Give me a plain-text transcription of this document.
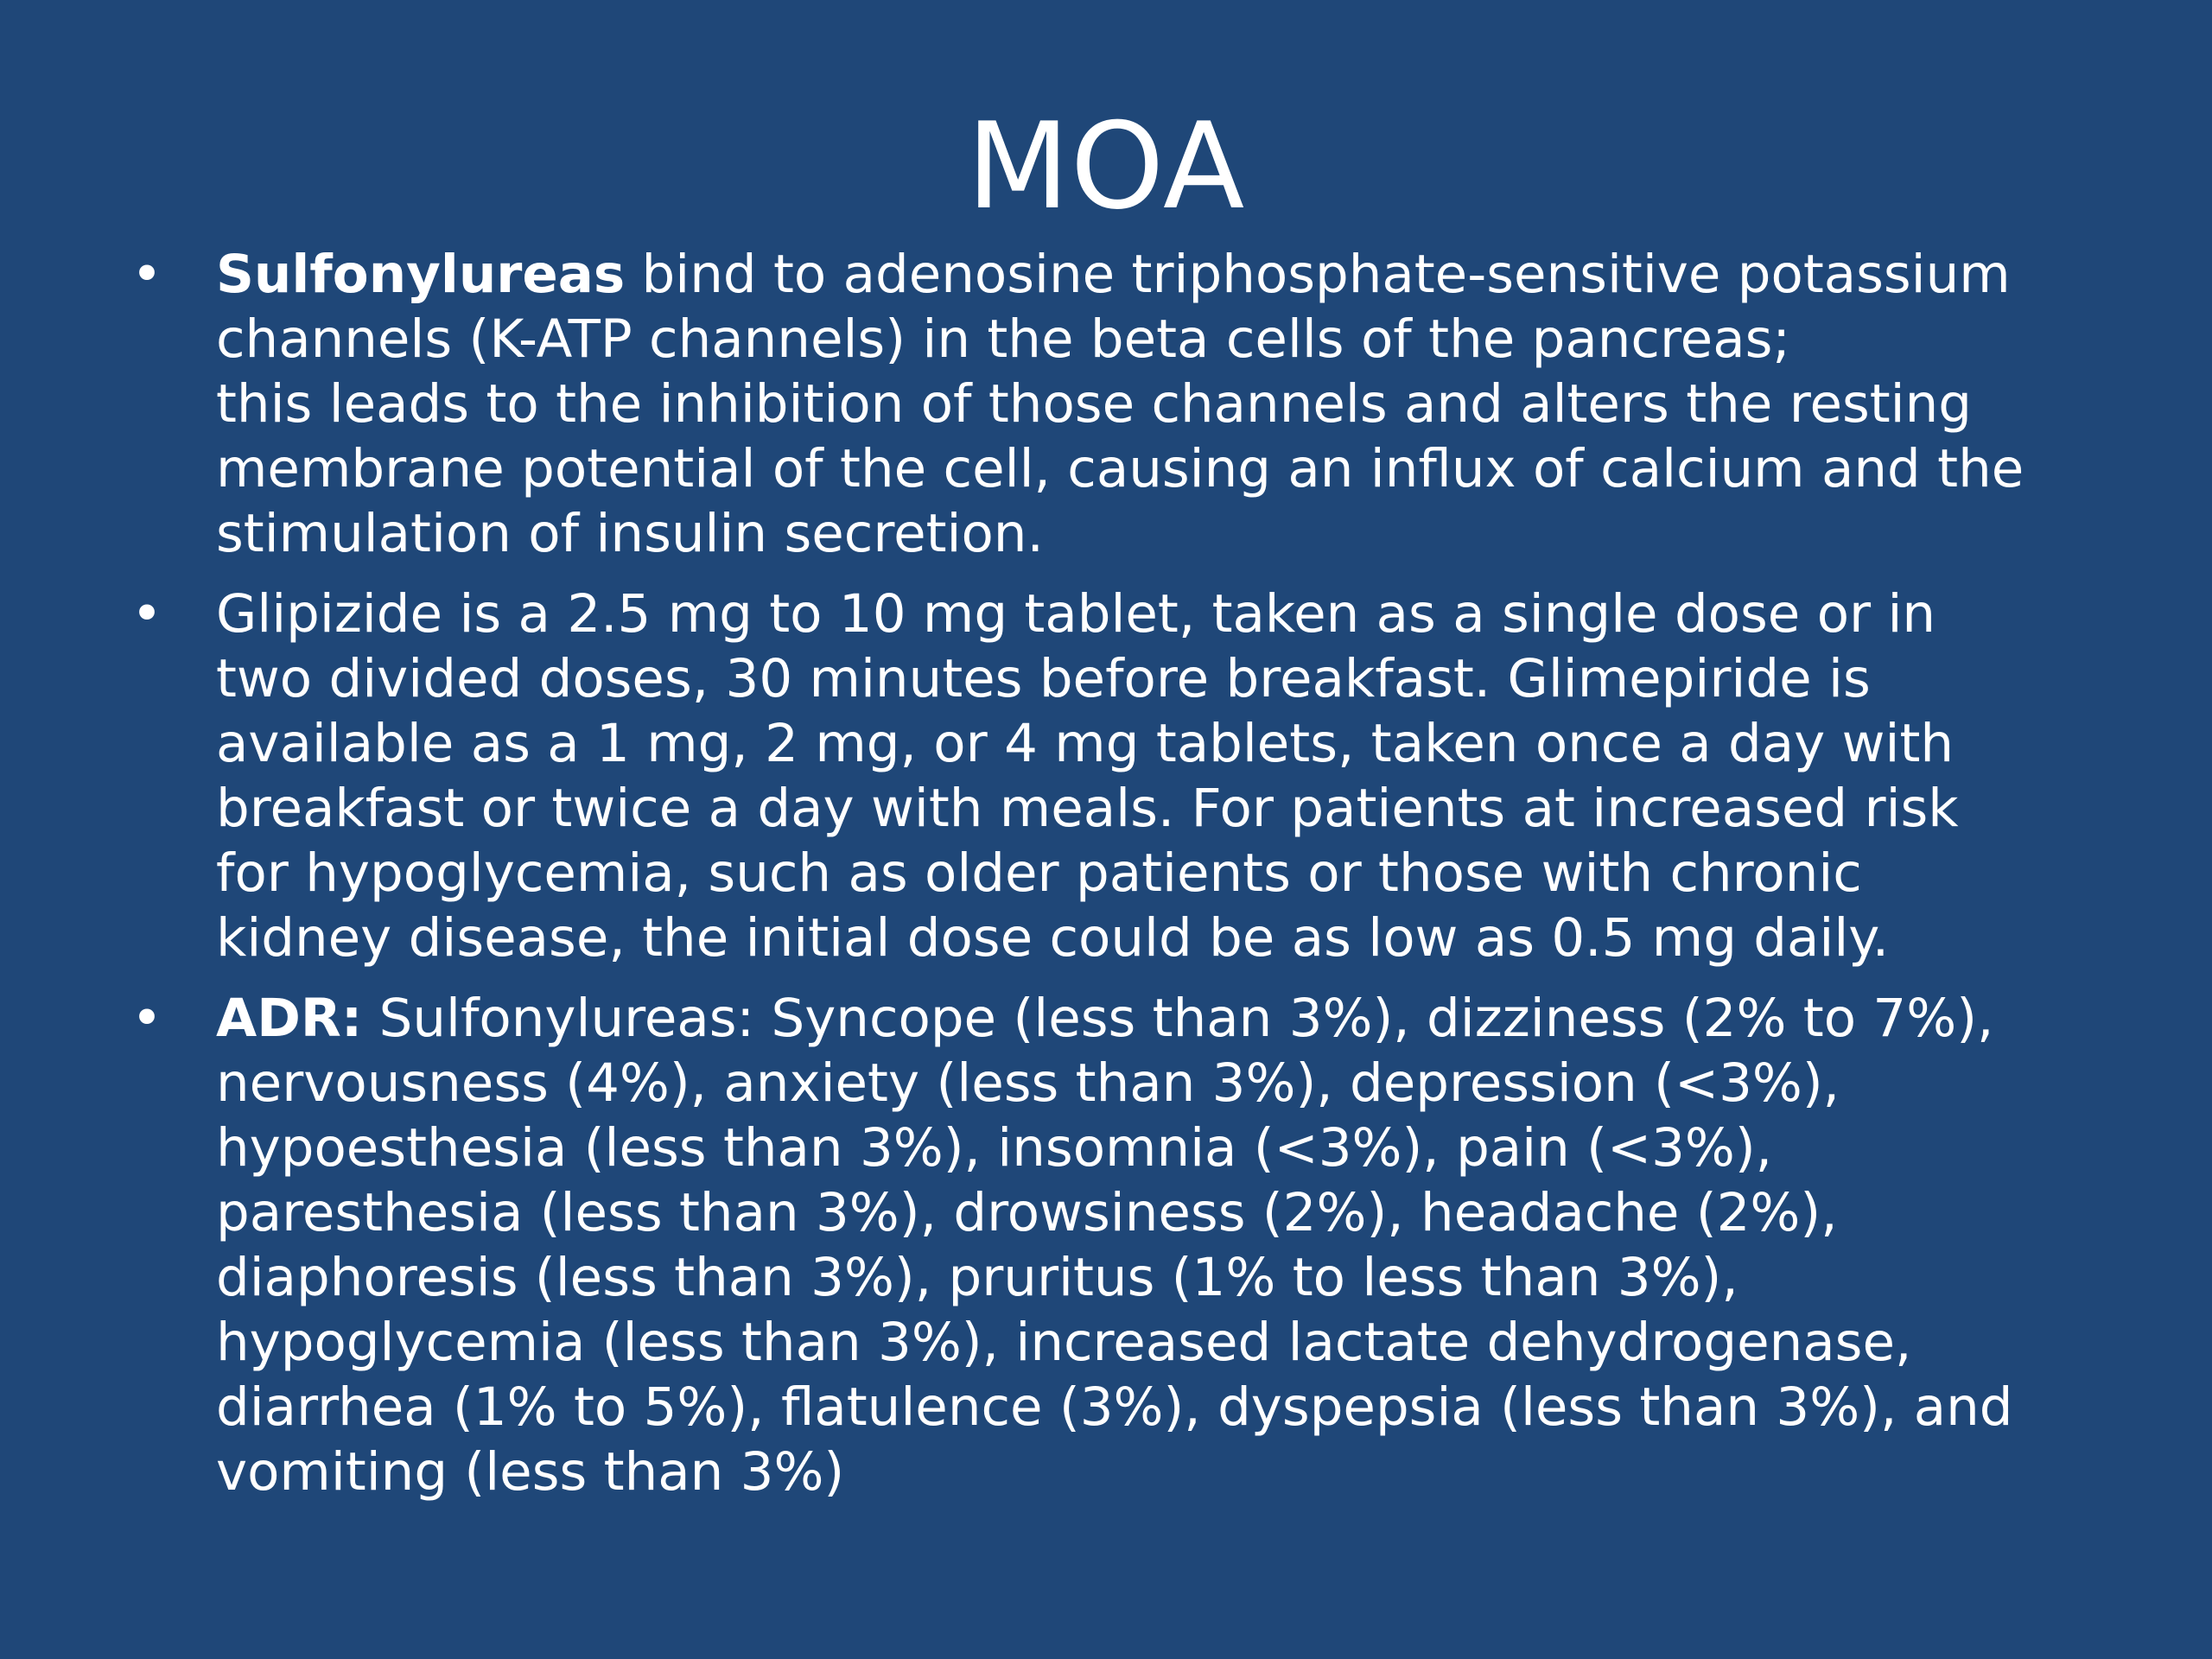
MOA
• Sulfonylureas bind to adenosine triphosphate-sensitive potassium
channels (K-ATP channels) in the beta cells of the pancreas;
this leads to the inhibition of those channels and alters the resting
membrane potential of the cell, causing an influx of calcium and the
stimulation of insulin secretion.
• Glipizide is a 2.5 mg to 10 mg tablet, taken as a single dose or in
two divided doses, 30 minutes before breakfast. Glimepiride is
available as a 1 mg, 2 mg, or 4 mg tablets, taken once a day with
breakfast or twice a day with meals. For patients at increased risk
for hypoglycemia, such as older patients or those with chronic
kidney disease, the initial dose could be as low as 0.5 mg daily.
• ADR: Sulfonylureas: Syncope (less than 3%), dizziness (2% to 7%),
nervousness (4%), anxiety (less than 3%), depression (<3%),
hypoesthesia (less than 3%), insomnia (<3%), pain (<3%),
paresthesia (less than 3%), drowsiness (2%), headache (2%),
diaphoresis (less than 3%), pruritus (1% to less than 3%),
hypoglycemia (less than 3%), increased lactate dehydrogenase,
diarrhea (1% to 5%), flatulence (3%), dyspepsia (less than 3%), and
vomiting (less than 3%)
